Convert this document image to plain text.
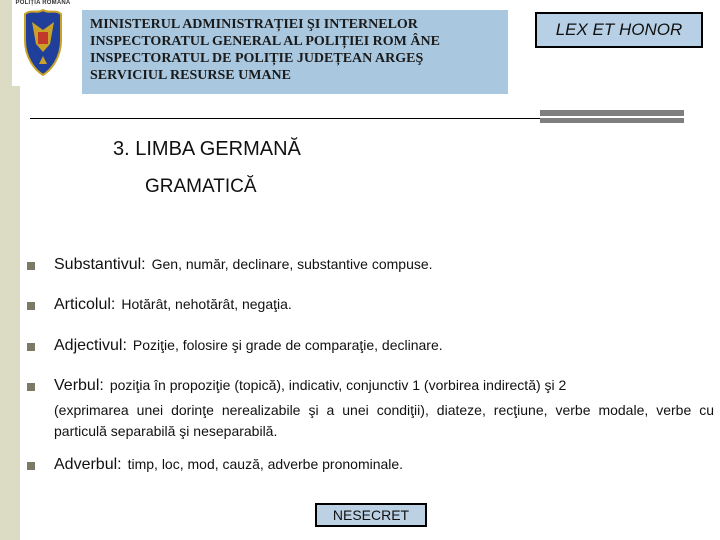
POLIȚIA ROMÂNĂ
MINISTERUL ADMINISTRAȚIEI ŞI INTERNELOR
INSPECTORATUL GENERAL AL POLIȚIEI ROM ÂNE
INSPECTORATUL DE POLIȚIE JUDEȚEAN ARGEŞ
SERVICIUL RESURSE UMANE
LEX ET HONOR
3. LIMBA GERMANĂ
GRAMATICĂ
Substantivul: Gen, număr, declinare, substantive compuse.
Articolul: Hotărât, nehotărât, negaţia.
Adjectivul: Poziţie, folosire şi grade de comparaţie, declinare.
Verbul: poziţia în propoziţie (topică), indicativ, conjunctiv 1 (vorbirea indirectă) şi 2
(exprimarea unei dorinţe nerealizabile şi a unei condiţii), diateze, recţiune, verbe modale, verbe cu particulă separabilă şi neseparabilă.
Adverbul: timp, loc, mod, cauză, adverbe pronominale.
NESECRET
